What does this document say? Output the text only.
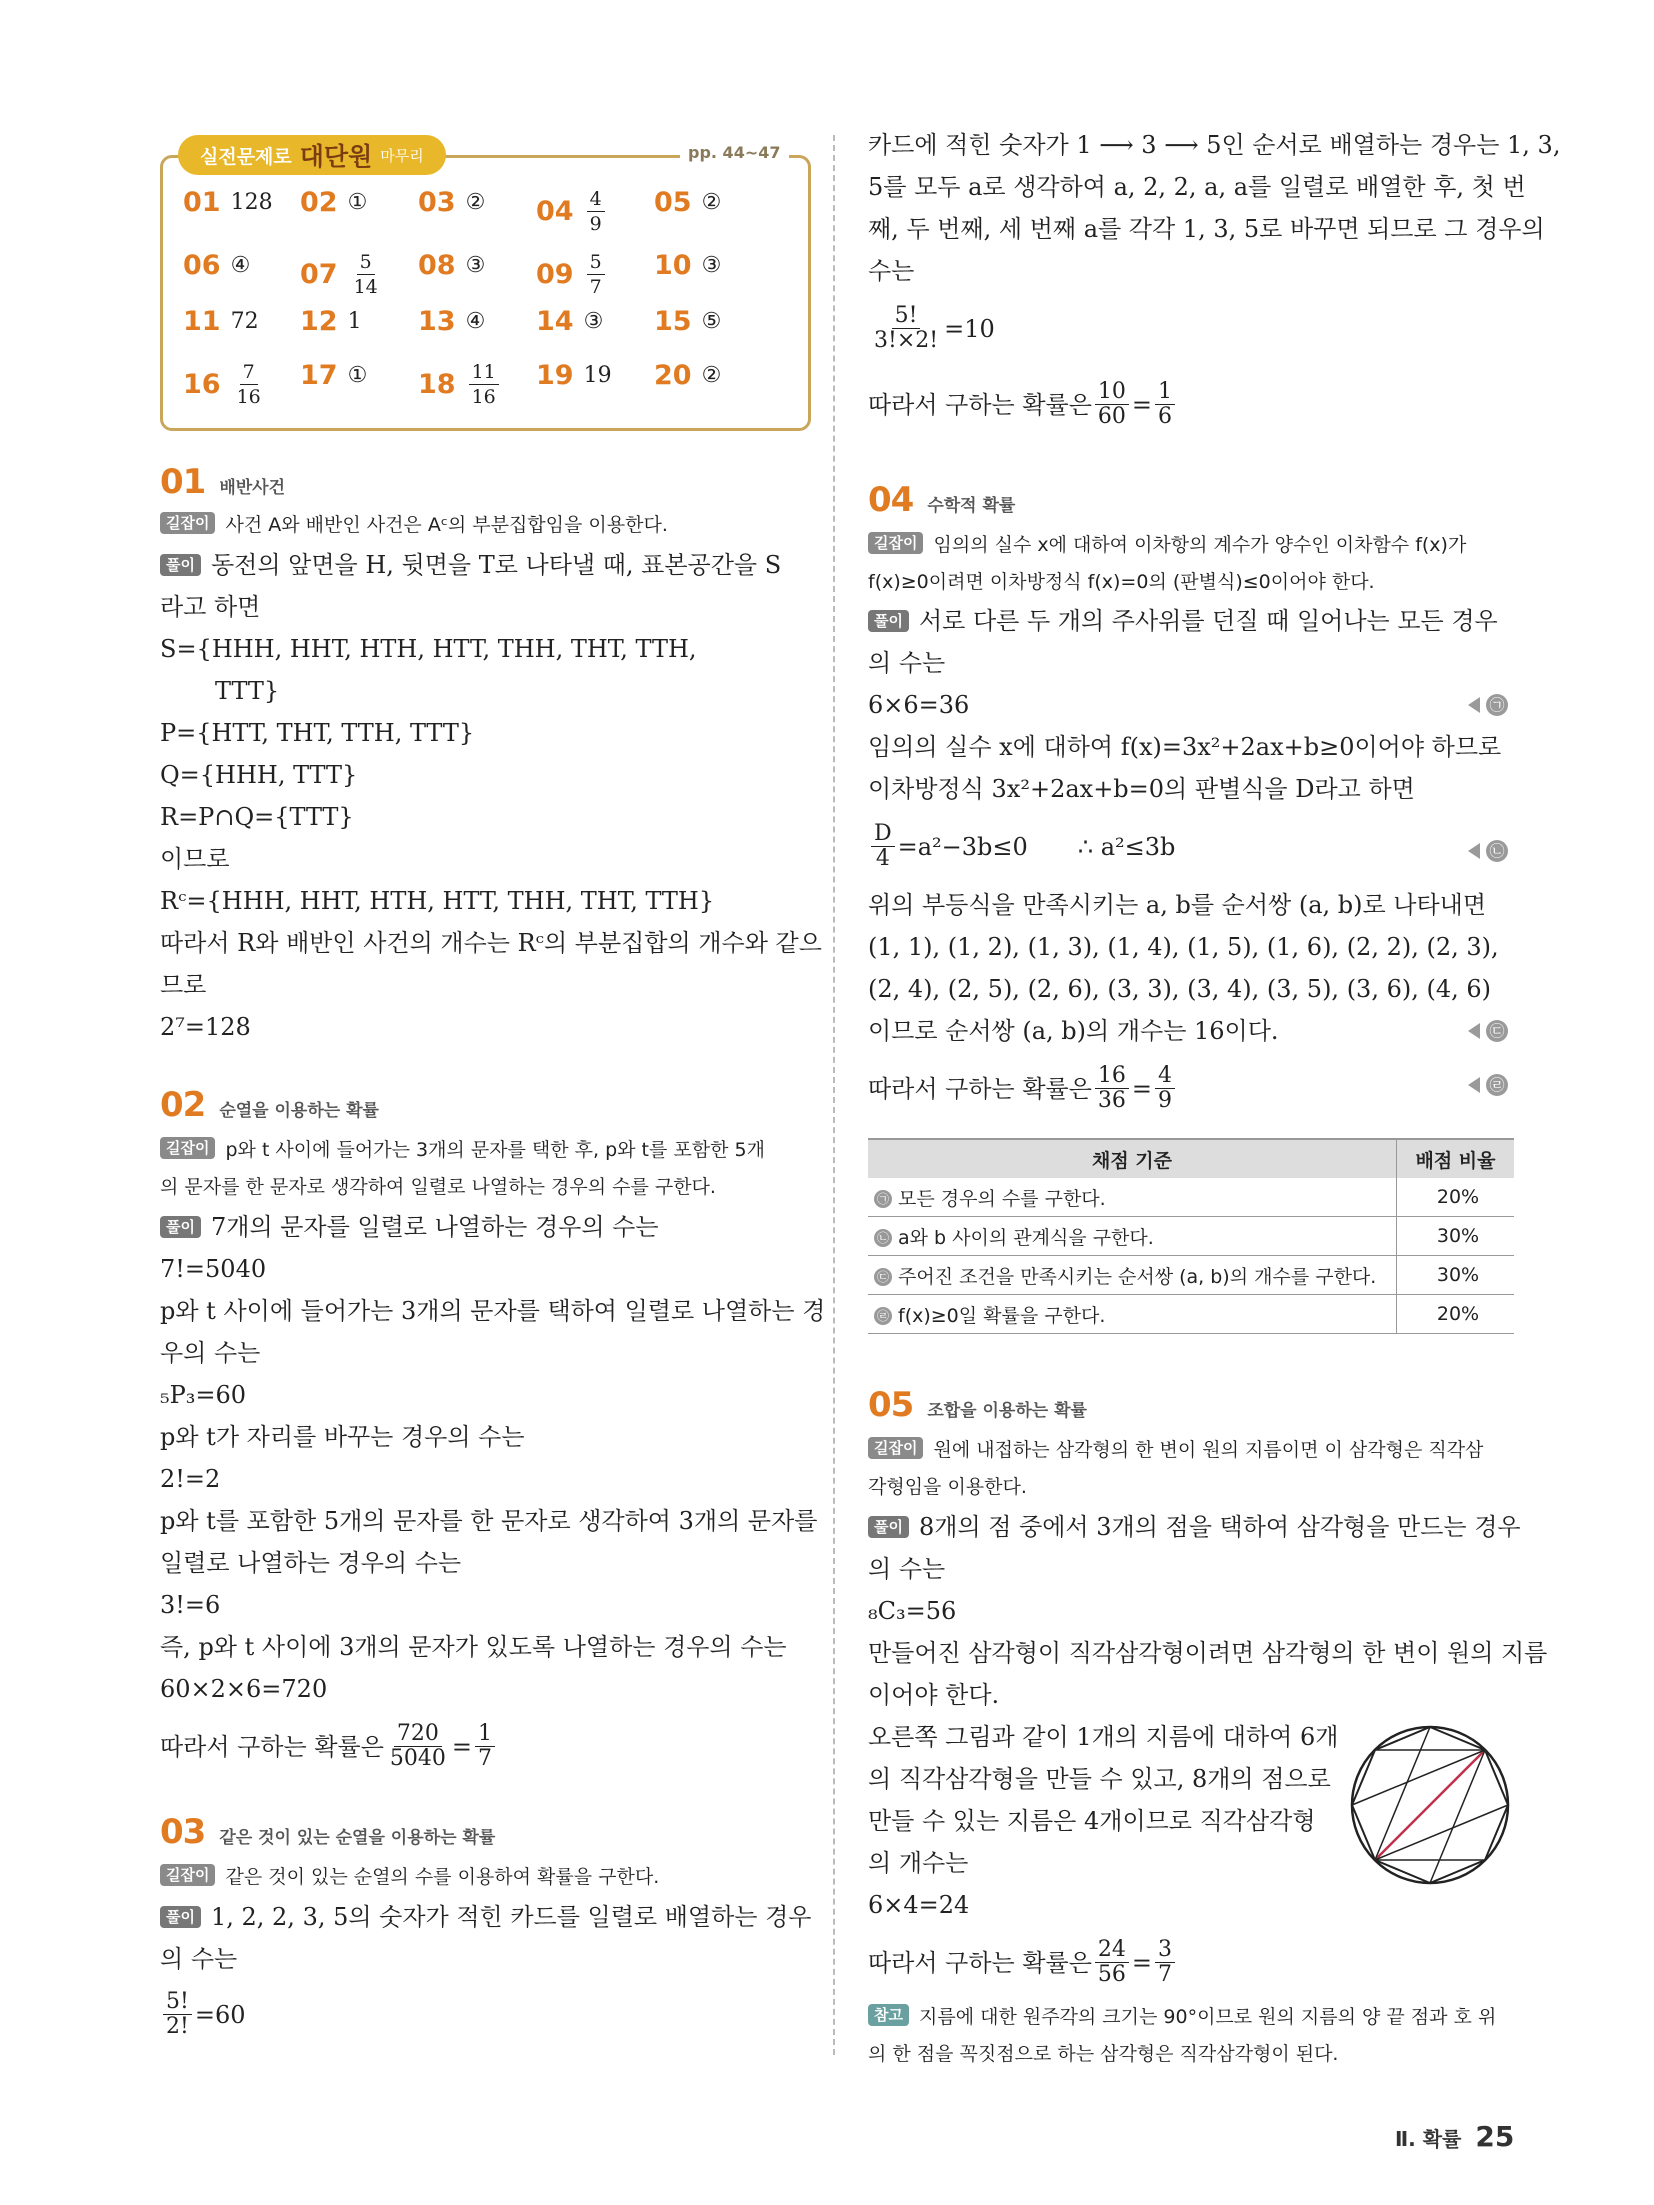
실전문제로 대단원 마무리	pp. 44~47
01 128 02 ① 03 ② $04 \frac{4}{9} 05$ ②
06 ④ $07 \frac{5}{14} 08$ ③ $09 \frac{5}{7} 10$ ③
11 72 12 1 13 ④ 14 ③ 15 ⑤
$16 \frac{7}{16} 17$ ① $18 \frac{11}{16} 19$ 19 20 ②
01 배반사건
길잡이 사건 A와 배반인 사건은 Aᶜ의 부분집합임을 이용한다.
풀이 동전의 앞면을 H, 뒷면을 T로 나타낼 때, 표본공간을 S
라고 하면
S={HHH, HHT, HTH, HTT, THH, THT, TTH,
TTT}
P={HTT, THT, TTH, TTT}
Q={HHH, TTT}
R=P∩Q={TTT}
이므로
Rᶜ={HHH, HHT, HTH, HTT, THH, THT, TTH}
따라서 R와 배반인 사건의 개수는 Rᶜ의 부분집합의 개수와 같으
므로
2⁷=128
02 순열을 이용하는 확률
길잡이 p와 t 사이에 들어가는 3개의 문자를 택한 후, p와 t를 포함한 5개
의 문자를 한 문자로 생각하여 일렬로 나열하는 경우의 수를 구한다.
풀이 7개의 문자를 일렬로 나열하는 경우의 수는
7!=5040
p와 t 사이에 들어가는 3개의 문자를 택하여 일렬로 나열하는 경
우의 수는
₅P₃=60
p와 t가 자리를 바꾸는 경우의 수는
2!=2
p와 t를 포함한 5개의 문자를 한 문자로 생각하여 3개의 문자를
일렬로 나열하는 경우의 수는
3!=6
즉, p와 t 사이에 3개의 문자가 있도록 나열하는 경우의 수는
60×2×6=720
따라서 구하는 확률은 $\frac{720}{5040} = \frac{1}{7}$
03 같은 것이 있는 순열을 이용하는 확률
길잡이 같은 것이 있는 순열의 수를 이용하여 확률을 구한다.
풀이 1, 2, 2, 3, 5의 숫자가 적힌 카드를 일렬로 배열하는 경우
의 수는
$\frac{5!}{2!} =60$
카드에 적힌 숫자가 1 ⟶ 3 ⟶ 5인 순서로 배열하는 경우는 1, 3,
5를 모두 a로 생각하여 a, 2, 2, a, a를 일렬로 배열한 후, 첫 번
째, 두 번째, 세 번째 a를 각각 1, 3, 5로 바꾸면 되므로 그 경우의
수는
$\frac{5!}{3!\times 2!} =10$
따라서 구하는 확률은 $\frac{10}{60} = \frac{1}{6}$
04 수학적 확률
길잡이 임의의 실수 x에 대하여 이차항의 계수가 양수인 이차함수 f(x)가
f(x)≥0이려면 이차방정식 f(x)=0의 (판별식)≤0이어야 한다.
풀이 서로 다른 두 개의 주사위를 던질 때 일어나는 모든 경우
의 수는
6×6=36	㉠
임의의 실수 x에 대하여 f(x)=3x²+2ax+b≥0이어야 하므로
이차방정식 3x²+2ax+b=0의 판별식을 D라고 하면
$\frac{D}{4} =a^2-3b\le 0$ ∴ a²≤3b	㉡
위의 부등식을 만족시키는 a, b를 순서쌍 (a, b)로 나타내면
(1, 1), (1, 2), (1, 3), (1, 4), (1, 5), (1, 6), (2, 2), (2, 3),
(2, 4), (2, 5), (2, 6), (3, 3), (3, 4), (3, 5), (3, 6), (4, 6)
이므로 순서쌍 (a, b)의 개수는 16이다.	㉢
따라서 구하는 확률은 $\frac{16}{36} = \frac{4}{9}$	㉣
채점 기준	배점 비율
㉠ 모든 경우의 수를 구한다.	20%
㉡ a와 b 사이의 관계식을 구한다.	30%
㉢ 주어진 조건을 만족시키는 순서쌍 (a, b)의 개수를 구한다.	30%
㉣ f(x)≥0일 확률을 구한다.	20%
05 조합을 이용하는 확률
길잡이 원에 내접하는 삼각형의 한 변이 원의 지름이면 이 삼각형은 직각삼
각형임을 이용한다.
풀이 8개의 점 중에서 3개의 점을 택하여 삼각형을 만드는 경우
의 수는
₈C₃=56
만들어진 삼각형이 직각삼각형이려면 삼각형의 한 변이 원의 지름
이어야 한다.
오른쪽 그림과 같이 1개의 지름에 대하여 6개
의 직각삼각형을 만들 수 있고, 8개의 점으로
만들 수 있는 지름은 4개이므로 직각삼각형
의 개수는
6×4=24
따라서 구하는 확률은 $\frac{24}{56} = \frac{3}{7}$
참고 지름에 대한 원주각의 크기는 90°이므로 원의 지름의 양 끝 점과 호 위
의 한 점을 꼭짓점으로 하는 삼각형은 직각삼각형이 된다.
Ⅱ. 확률 25
